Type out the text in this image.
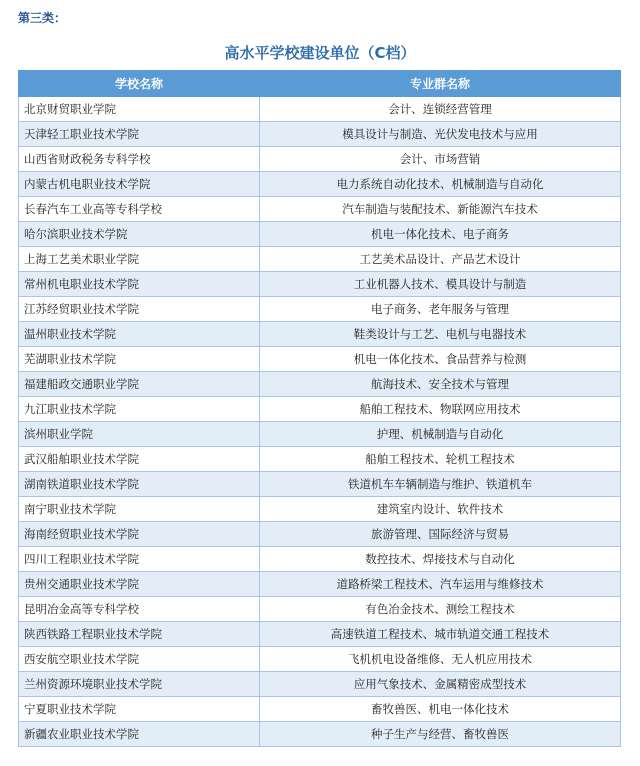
第三类：
高水平学校建设单位（C档）
学校名称	专业群名称
北京财贸职业学院	会计、连锁经营管理
天津轻工职业技术学院	模具设计与制造、光伏发电技术与应用
山西省财政税务专科学校	会计、市场营销
内蒙古机电职业技术学院	电力系统自动化技术、机械制造与自动化
长春汽车工业高等专科学校	汽车制造与装配技术、新能源汽车技术
哈尔滨职业技术学院	机电一体化技术、电子商务
上海工艺美术职业学院	工艺美术品设计、产品艺术设计
常州机电职业技术学院	工业机器人技术、模具设计与制造
江苏经贸职业技术学院	电子商务、老年服务与管理
温州职业技术学院	鞋类设计与工艺、电机与电器技术
芜湖职业技术学院	机电一体化技术、食品营养与检测
福建船政交通职业学院	航海技术、安全技术与管理
九江职业技术学院	船舶工程技术、物联网应用技术
滨州职业学院	护理、机械制造与自动化
武汉船舶职业技术学院	船舶工程技术、轮机工程技术
湖南铁道职业技术学院	铁道机车车辆制造与维护、铁道机车
南宁职业技术学院	建筑室内设计、软件技术
海南经贸职业技术学院	旅游管理、国际经济与贸易
四川工程职业技术学院	数控技术、焊接技术与自动化
贵州交通职业技术学院	道路桥梁工程技术、汽车运用与维修技术
昆明冶金高等专科学校	有色冶金技术、测绘工程技术
陕西铁路工程职业技术学院	高速铁道工程技术、城市轨道交通工程技术
西安航空职业技术学院	飞机机电设备维修、无人机应用技术
兰州资源环境职业技术学院	应用气象技术、金属精密成型技术
宁夏职业技术学院	畜牧兽医、机电一体化技术
新疆农业职业技术学院	种子生产与经营、畜牧兽医
